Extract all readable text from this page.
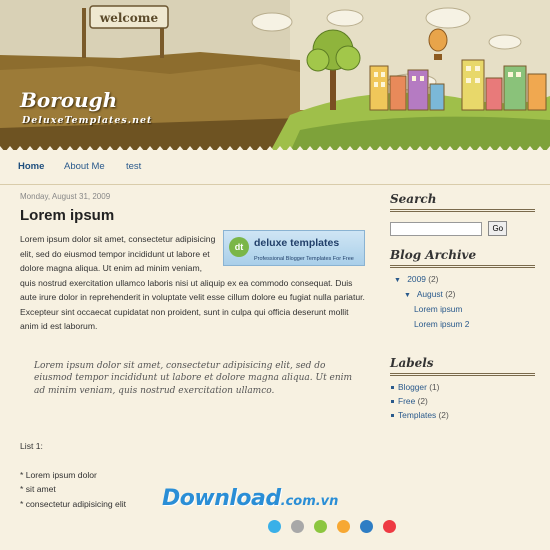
welcome
Borough

DeluxeTemplates.net

Home About Me test

Monday, August 31, 2009

Lorem ipsum
dt	deluxe templates
Professional Blogger Templates For Free

Lorem ipsum dolor sit amet, consectetur adipisicing elit, sed do eiusmod tempor incididunt ut labore et dolore magna aliqua. Ut enim ad minim veniam, quis nostrud exercitation ullamco laboris nisi ut aliquip ex ea commodo consequat. Duis aute irure dolor in reprehenderit in voluptate velit esse cillum dolore eu fugiat nulla pariatur. Excepteur sint occaecat cupidatat non proident, sunt in culpa qui officia deserunt mollit anim id est laborum.

Lorem ipsum dolor sit amet, consectetur adipisicing elit, sed do eiusmod tempor incididunt ut labore et dolore magna aliqua. Ut enim ad minim veniam, quis nostrud exercitation ullamco.
List 1:
* Lorem ipsum dolor
* sit amet
* consectetur adipisicing elit
Search
Go
Blog Archive
▼ 2009 (2)
▼ August (2)
Lorem ipsum
Lorem ipsum 2
Labels
Blogger (1)
Free (2)
Templates (2)
Download.com.vn
